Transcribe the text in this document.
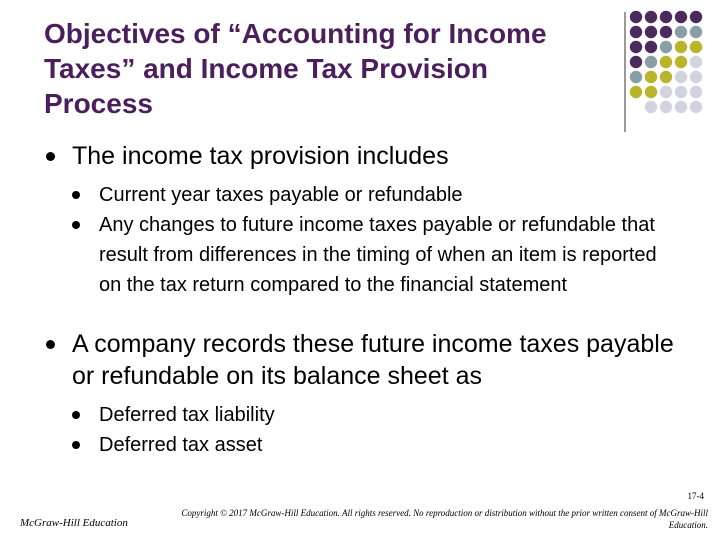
Objectives of “Accounting for Income Taxes” and Income Tax Provision Process
The income tax provision includes
Current year taxes payable or refundable
Any changes to future income taxes payable or refundable that result from differences in the timing of when an item is reported on the tax return compared to the financial statement
A company records these future income taxes payable or refundable on its balance sheet as
Deferred tax liability
Deferred tax asset
17-4
McGraw-Hill Education
Copyright © 2017 McGraw-Hill Education. All rights reserved. No reproduction or distribution without the prior written consent of McGraw-Hill Education.
